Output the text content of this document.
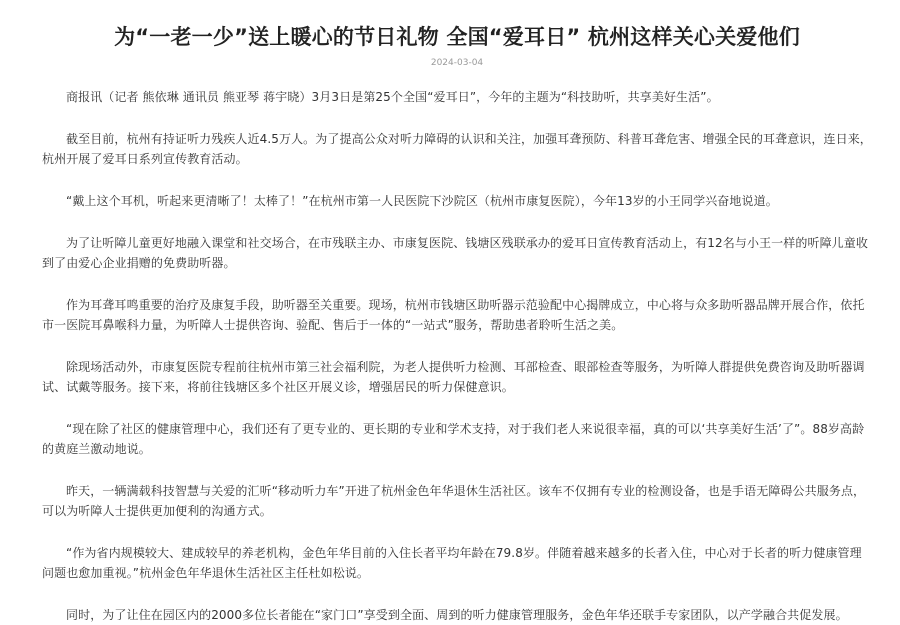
为“一老一少”送上暖心的节日礼物 全国“爱耳日” 杭州这样关心关爱他们
2024-03-04

商报讯（记者 熊依琳 通讯员 熊亚琴 蒋宇晓）3月3日是第25个全国“爱耳日”，今年的主题为“科技助听，共享美好生活”。

截至目前，杭州有持证听力残疾人近4.5万人。为了提高公众对听力障碍的认识和关注，加强耳聋预防、科普耳聋危害、增强全民的耳聋意识，连日来，杭州开展了爱耳日系列宣传教育活动。

“戴上这个耳机，听起来更清晰了！太棒了！”在杭州市第一人民医院下沙院区（杭州市康复医院），今年13岁的小王同学兴奋地说道。

为了让听障儿童更好地融入课堂和社交场合，在市残联主办、市康复医院、钱塘区残联承办的爱耳日宣传教育活动上，有12名与小王一样的听障儿童收到了由爱心企业捐赠的免费助听器。

作为耳聋耳鸣重要的治疗及康复手段，助听器至关重要。现场，杭州市钱塘区助听器示范验配中心揭牌成立，中心将与众多助听器品牌开展合作，依托市一医院耳鼻喉科力量，为听障人士提供咨询、验配、售后于一体的“一站式”服务，帮助患者聆听生活之美。

除现场活动外，市康复医院专程前往杭州市第三社会福利院，为老人提供听力检测、耳部检查、眼部检查等服务，为听障人群提供免费咨询及助听器调试、试戴等服务。接下来，将前往钱塘区多个社区开展义诊，增强居民的听力保健意识。

“现在除了社区的健康管理中心，我们还有了更专业的、更长期的专业和学术支持，对于我们老人来说很幸福，真的可以‘共享美好生活’了”。88岁高龄的黄庭兰激动地说。

昨天，一辆满载科技智慧与关爱的汇听“移动听力车”开进了杭州金色年华退休生活社区。该车不仅拥有专业的检测设备，也是手语无障碍公共服务点，可以为听障人士提供更加便利的沟通方式。

“作为省内规模较大、建成较早的养老机构，金色年华目前的入住长者平均年龄在79.8岁。伴随着越来越多的长者入住，中心对于长者的听力健康管理问题也愈加重视。”杭州金色年华退休生活社区主任杜如松说。

同时，为了让住在园区内的2000多位长者能在“家门口”享受到全面、周到的听力健康管理服务，金色年华还联手专家团队，以产学融合共促发展。
